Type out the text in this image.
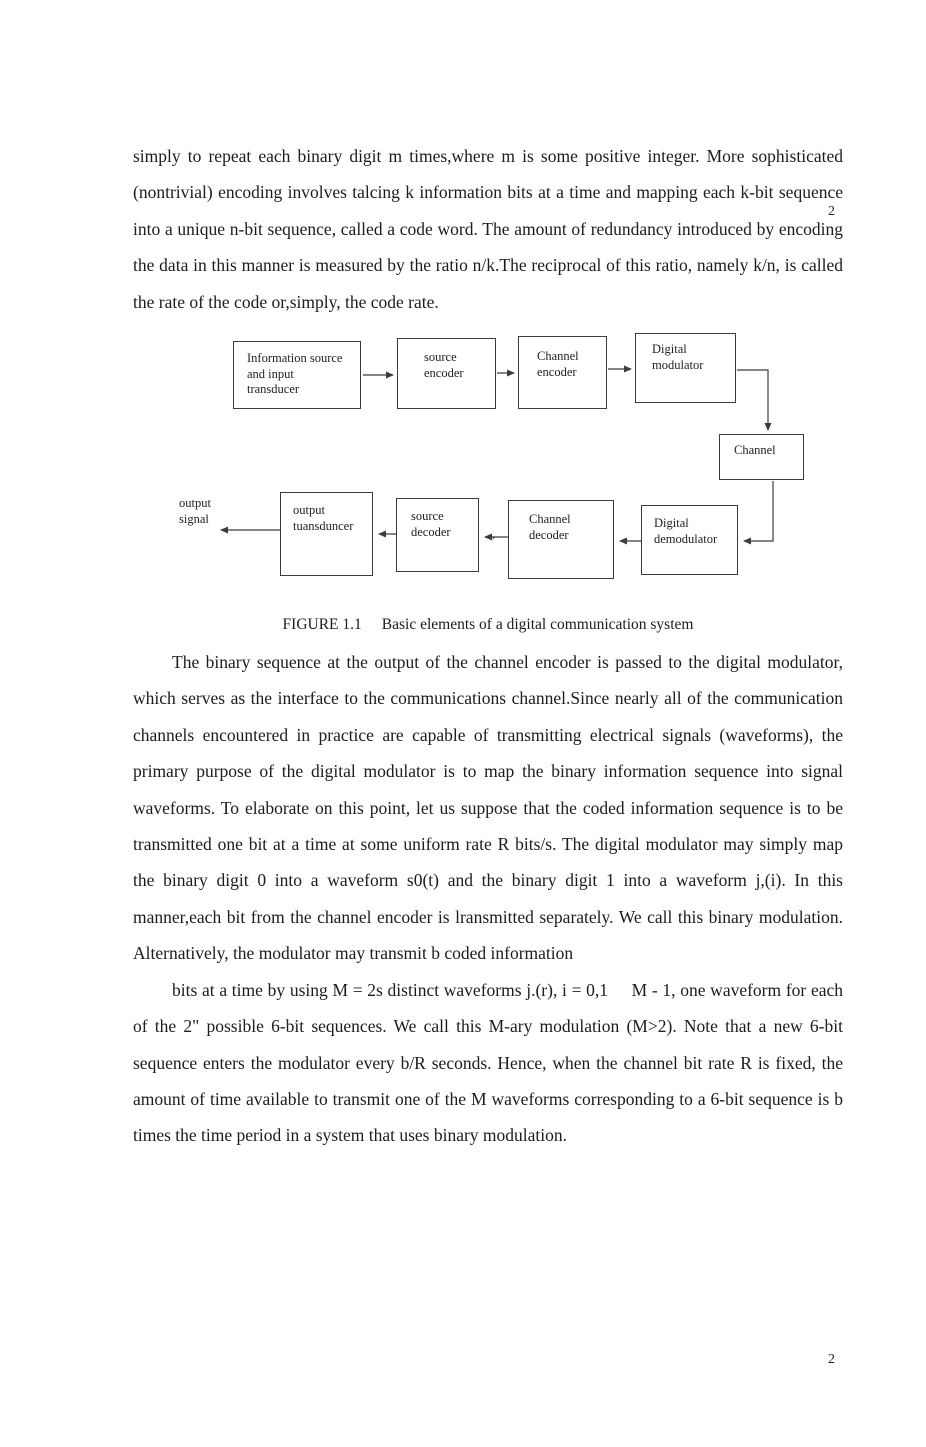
2

simply to repeat each binary digit m times,where m is some positive integer. More sophisticated (nontrivial) encoding involves talcing k information bits at a time and mapping each k-bit sequence into a unique n-bit sequence, called a code word. The amount of redundancy introduced by encoding the data in this manner is measured by the ratio n/k.The reciprocal of this ratio, namely k/n, is called the rate of the code or,simply, the code rate.

Information source and input transducer
source encoder
Channel encoder
Digital modulator
Channel
Digital demodulator
Channel decoder
source decoder
output tuansduncer
output signal
,
FIGURE 1.1 Basic elements of a digital communication system

The binary sequence at the output of the channel encoder is passed to the digital modulator, which serves as the interface to the communications channel.Since nearly all of the communication channels encountered in practice are capable of transmitting electrical signals (waveforms), the primary purpose of the digital modulator is to map the binary information sequence into signal waveforms. To elaborate on this point, let us suppose that the coded information sequence is to be transmitted one bit at a time at some uniform rate R bits/s. The digital modulator may simply map the binary digit 0 into a waveform s0(t) and the binary digit 1 into a waveform j,(i). In this manner,each bit from the channel encoder is lransmitted separately. We call this binary modulation. Alternatively, the modulator may transmit b coded information

bits at a time by using M = 2s distinct waveforms j.(r), i = 0,1     M - 1, one waveform for each of the 2" possible 6-bit sequences. We call this M-ary modulation (M>2). Note that a new 6-bit sequence enters the modulator every b/R seconds. Hence, when the channel bit rate R is fixed, the amount of time available to transmit one of the M waveforms corresponding to a 6-bit sequence is b times the time period in a system that uses binary modulation.

2
